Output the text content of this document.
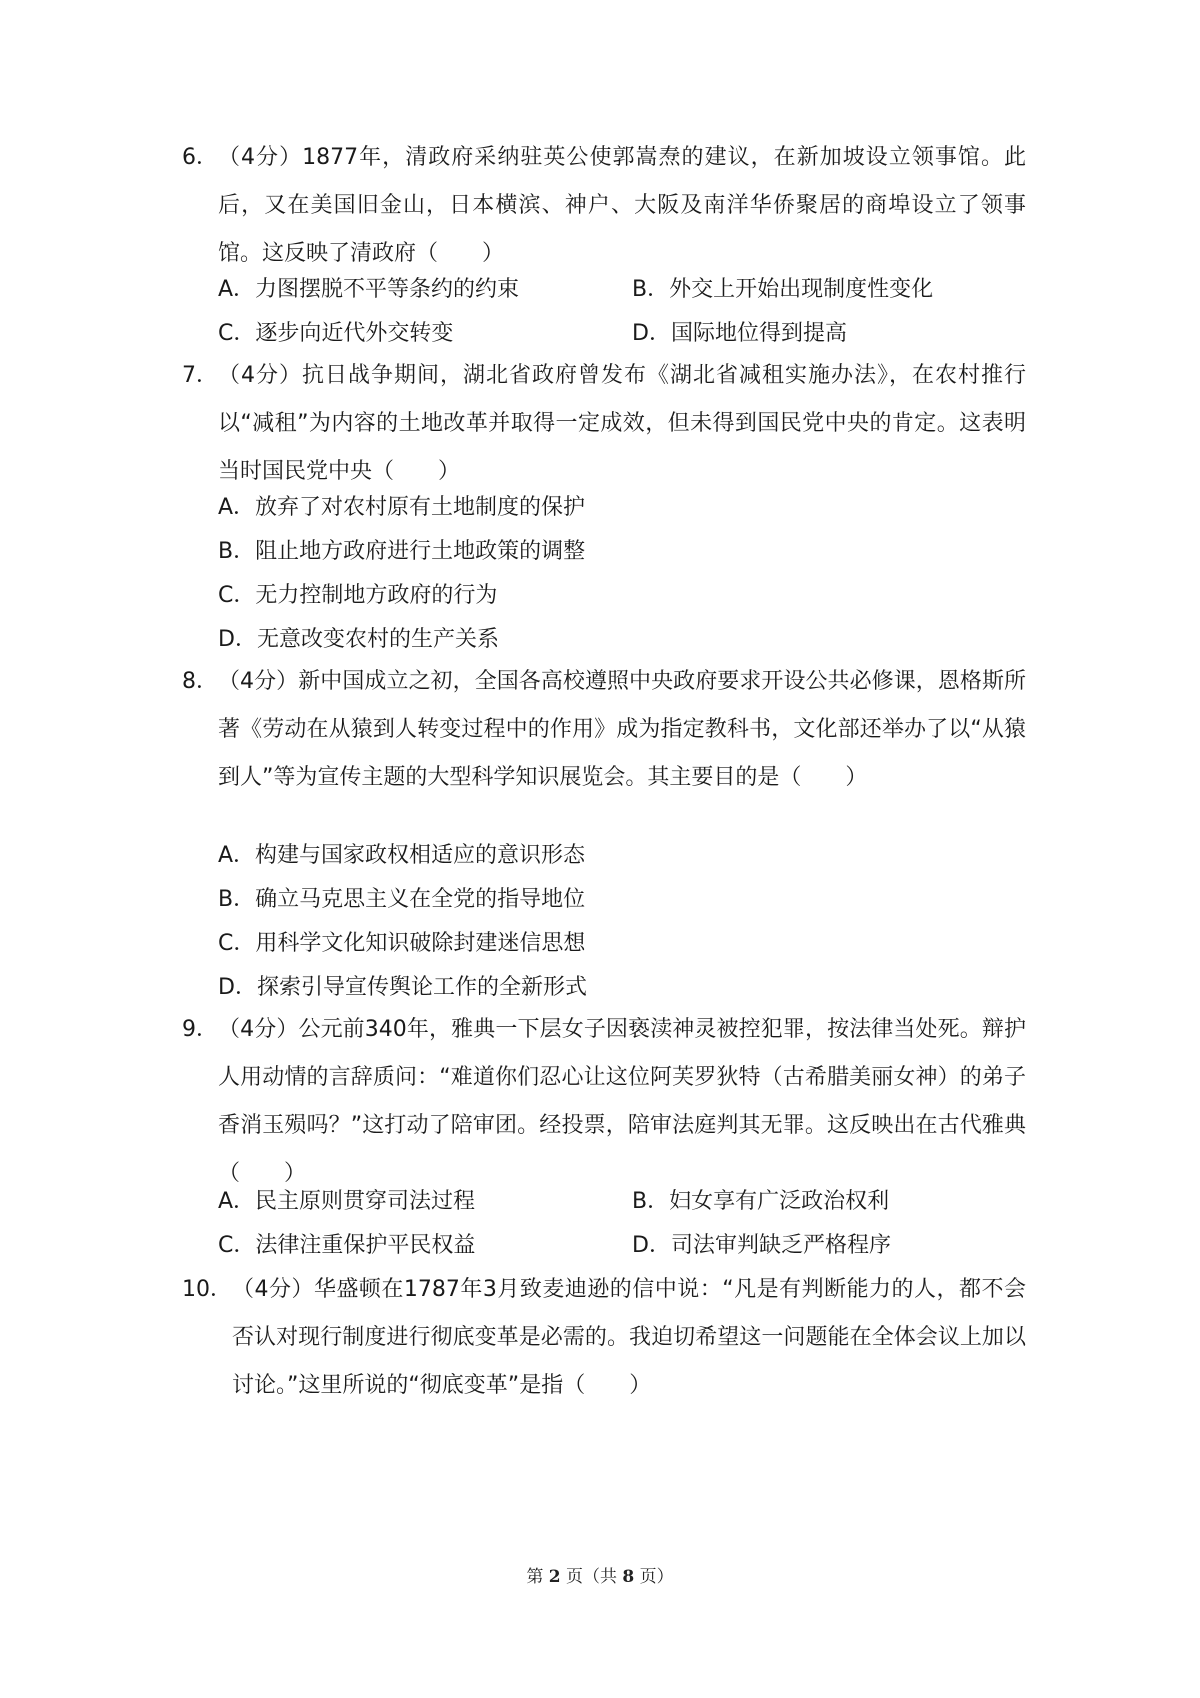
6． （4分）1877年，清政府采纳驻英公使郭嵩焘的建议，在新加坡设立领事馆。此后，又在美国旧金山，日本横滨、神户、大阪及南洋华侨聚居的商埠设立了领事馆。这反映了清政府（　　）
A．力图摆脱不平等条约的约束	B．外交上开始出现制度性变化
C．逐步向近代外交转变	D．国际地位得到提高
7． （4分）抗日战争期间，湖北省政府曾发布《湖北省减租实施办法》，在农村推行以“减租”为内容的土地改革并取得一定成效，但未得到国民党中央的肯定。这表明当时国民党中央（　　）
A．放弃了对农村原有土地制度的保护
B．阻止地方政府进行土地政策的调整
C．无力控制地方政府的行为
D．无意改变农村的生产关系
8． （4分）新中国成立之初，全国各高校遵照中央政府要求开设公共必修课，恩格斯所著《劳动在从猿到人转变过程中的作用》成为指定教科书，文化部还举办了以“从猿到人”等为宣传主题的大型科学知识展览会。其主要目的是（　　）
A．构建与国家政权相适应的意识形态
B．确立马克思主义在全党的指导地位
C．用科学文化知识破除封建迷信思想
D．探索引导宣传舆论工作的全新形式
9． （4分）公元前340年，雅典一下层女子因亵渎神灵被控犯罪，按法律当处死。辩护人用动情的言辞质问：“难道你们忍心让这位阿芙罗狄特（古希腊美丽女神）的弟子香消玉殒吗？”这打动了陪审团。经投票，陪审法庭判其无罪。这反映出在古代雅典（　　）
A．民主原则贯穿司法过程	B．妇女享有广泛政治权利
C．法律注重保护平民权益	D．司法审判缺乏严格程序
10． （4分）华盛顿在1787年3月致麦迪逊的信中说：“凡是有判断能力的人，都不会否认对现行制度进行彻底变革是必需的。我迫切希望这一问题能在全体会议上加以讨论。”这里所说的“彻底变革”是指（　　）
第 2 页（共 8 页）
